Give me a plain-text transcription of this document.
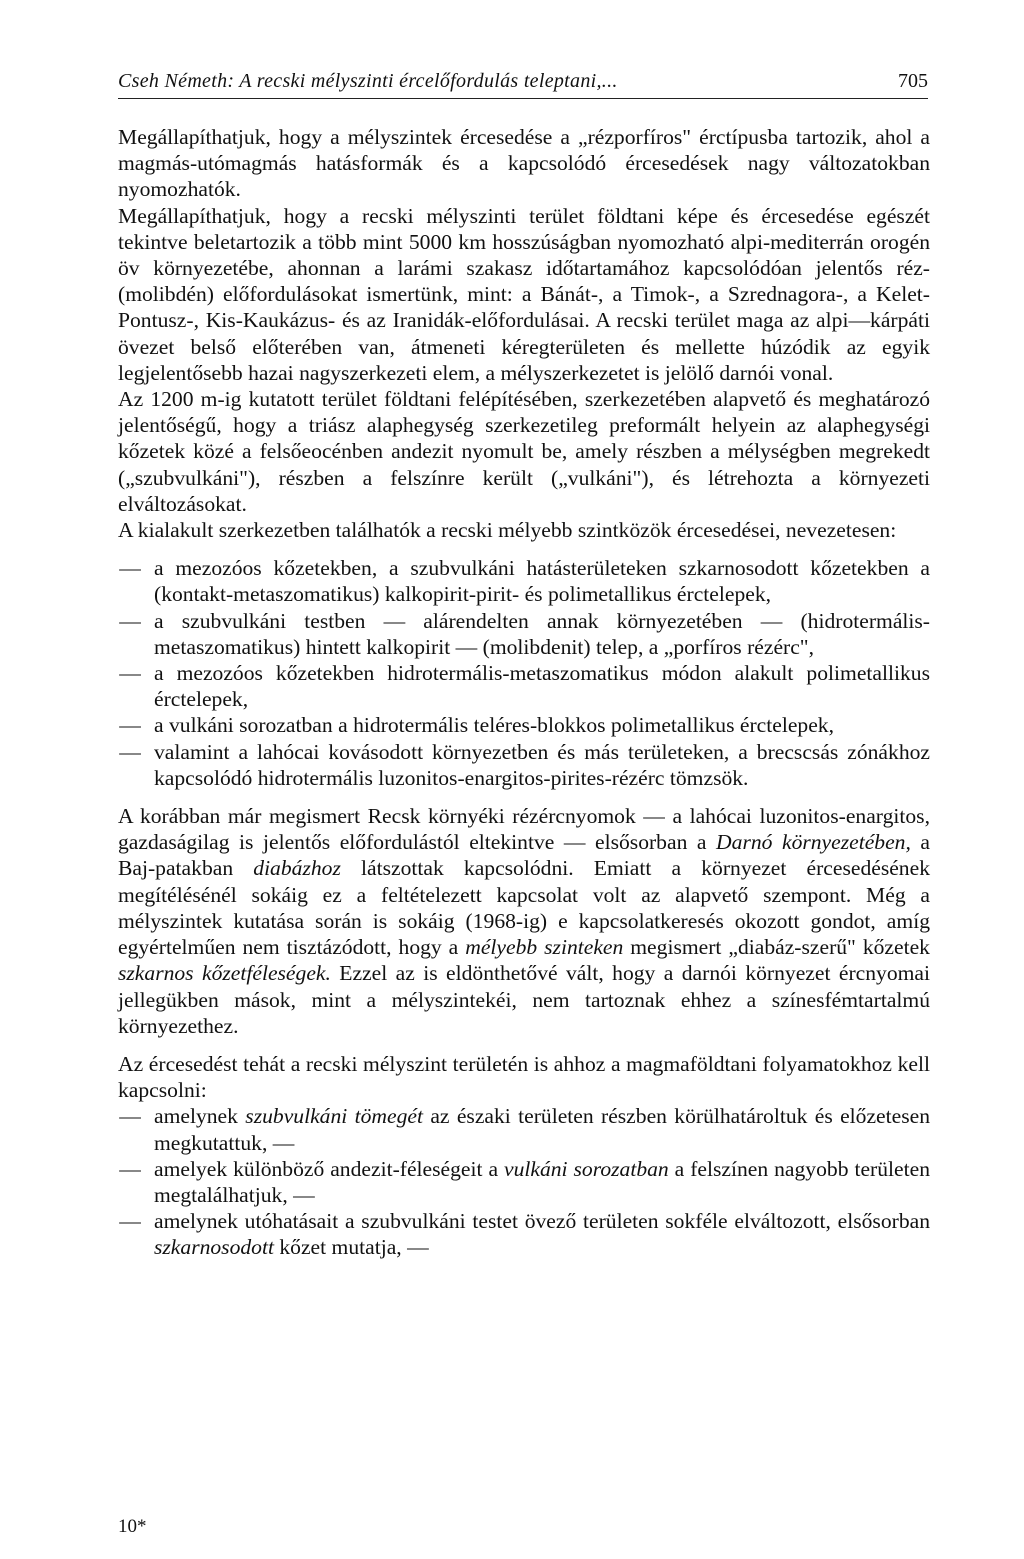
Cseh Németh: A recski mélyszinti ércelőfordulás teleptani,...	705

Megállapíthatjuk, hogy a mélyszintek ércesedése a „rézporfíros" érctípusba tartozik, ahol a magmás-utómagmás hatásformák és a kapcsolódó ércesedések nagy változatokban nyomozhatók.

Megállapíthatjuk, hogy a recski mélyszinti terület földtani képe és ércesedése egészét tekintve beletartozik a több mint 5000 km hosszúságban nyomozható alpi-mediterrán orogén öv környezetébe, ahonnan a larámi szakasz időtartamához kapcsolódóan jelentős réz- (molibdén) előfordulásokat ismertünk, mint: a Bánát-, a Timok-, a Szrednagora-, a Kelet-Pontusz-, Kis-Kaukázus- és az Iranidák-előfordulásai. A recski terület maga az alpi—kárpáti övezet belső előterében van, átmeneti kéregterületen és mellette húzódik az egyik legjelentősebb hazai nagyszerkezeti elem, a mélyszerkezetet is jelölő darnói vonal.

Az 1200 m-ig kutatott terület földtani felépítésében, szerkezetében alapvető és meghatározó jelentőségű, hogy a triász alaphegység szerkezetileg preformált helyein az alaphegységi kőzetek közé a felsőeocénben andezit nyomult be, amely részben a mélységben megrekedt („szubvulkáni"), részben a felszínre került („vulkáni"), és létrehozta a környezeti elváltozásokat.

A kialakult szerkezetben találhatók a recski mélyebb szintközök ércesedései, nevezetesen:

— a mezozóos kőzetekben, a szubvulkáni hatásterületeken szkarnosodott kőzetekben a (kontakt-metaszomatikus) kalkopirit-pirit- és polimetallikus érctelepek,
— a szubvulkáni testben — alárendelten annak környezetében — (hidrotermális-metaszomatikus) hintett kalkopirit — (molibdenit) telep, a „porfíros rézérc",
— a mezozóos kőzetekben hidrotermális-metaszomatikus módon alakult polimetallikus érctelepek,
— a vulkáni sorozatban a hidrotermális teléres-blokkos polimetallikus érctelepek,
— valamint a lahócai kovásodott környezetben és más területeken, a brecscsás zónákhoz kapcsolódó hidrotermális luzonitos-enargitos-pirites-rézérc tömzsök.

A korábban már megismert Recsk környéki rézércnyomok — a lahócai luzonitos-enargitos, gazdaságilag is jelentős előfordulástól eltekintve — elsősorban a Darnó környezetében, a Baj-patakban diabázhoz látszottak kapcsolódni. Emiatt a környezet ércesedésének megítélésénél sokáig ez a feltételezett kapcsolat volt az alapvető szempont. Még a mélyszintek kutatása során is sokáig (1968-ig) e kapcsolatkeresés okozott gondot, amíg egyértelműen nem tisztázódott, hogy a mélyebb szinteken megismert „diabáz-szerű" kőzetek szkarnos kőzetféleségek. Ezzel az is eldönthetővé vált, hogy a darnói környezet ércnyomai jellegükben mások, mint a mélyszintekéi, nem tartoznak ehhez a színesfémtartalmú környezethez.

Az ércesedést tehát a recski mélyszint területén is ahhoz a magmaföldtani folyamatokhoz kell kapcsolni:

— amelynek szubvulkáni tömegét az északi területen részben körülhatároltuk és előzetesen megkutattuk, —
— amelyek különböző andezit-féleségeit a vulkáni sorozatban a felszínen nagyobb területen megtalálhatjuk, —
— amelynek utóhatásait a szubvulkáni testet övező területen sokféle elváltozott, elsősorban szkarnosodott kőzet mutatja, —
10*
